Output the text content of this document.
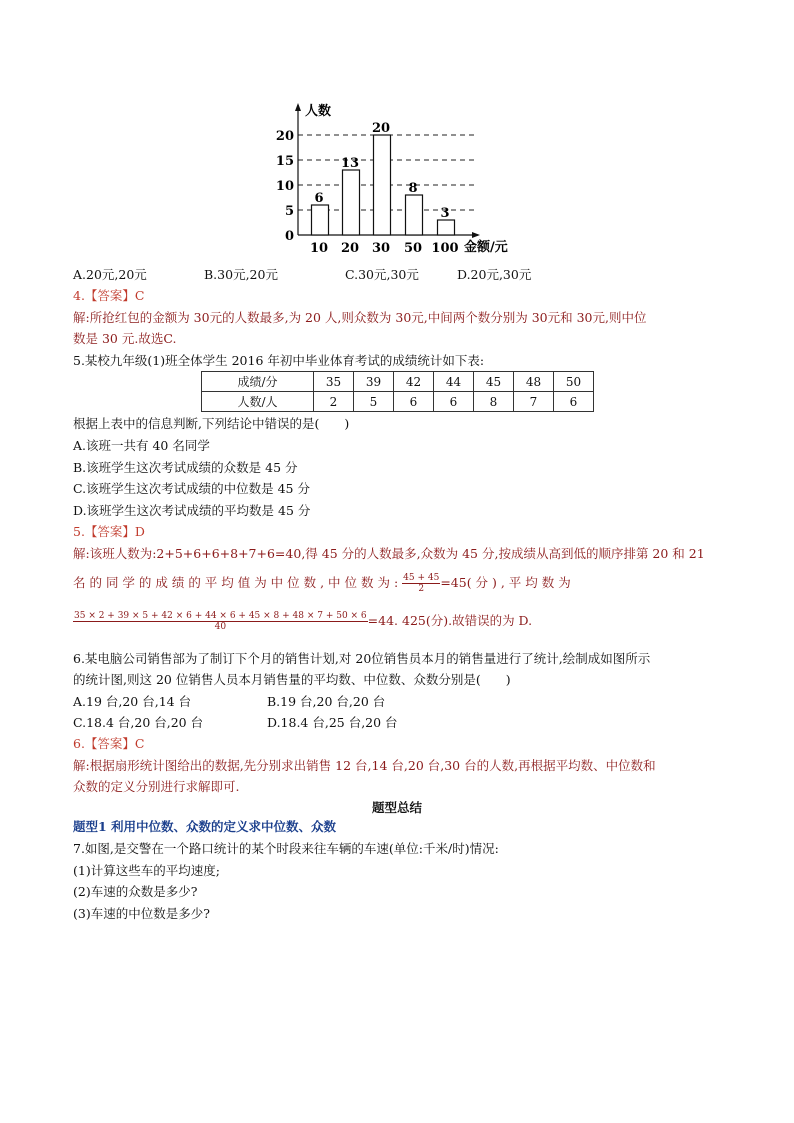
0
5
10
15
20
人数
金额/元
6
10
13
20
20
30
8
50
3
100
A.20元,20元	B.30元,20元	C.30元,30元	D.20元,30元
4.【答案】C
解:所抢红包的金额为 30元的人数最多,为 20 人,则众数为 30元,中间两个数分别为 30元和 30元,则中位
数是 30 元.故选C.
5.某校九年级(1)班全体学生 2016 年初中毕业体育考试的成绩统计如下表:
成绩/分	35	39	42	44	45	48	50
人数/人	2	5	6	6	8	7	6
根据上表中的信息判断,下列结论中错误的是(　　)
A.该班一共有 40 名同学
B.该班学生这次考试成绩的众数是 45 分
C.该班学生这次考试成绩的中位数是 45 分
D.该班学生这次考试成绩的平均数是 45 分
5.【答案】D
解:该班人数为:2+5+6+6+8+7+6=40,得 45 分的人数最多,众数为 45 分,按成绩从高到低的顺序排第 20 和 21
名 的 同 学 的 成 绩 的 平 均 值 为 中 位 数 , 中 位 数 为 : $\frac{45 + 45}{2} =45$( 分 ) , 平 均 数 为
$\frac{35 \times 2 + 39 \times 5 + 42 \times 6 + 44 \times 6 + 45 \times 8 + 48 \times 7 + 50 \times 6}{40} =44$. 425(分).故错误的为 D.
6.某电脑公司销售部为了制订下个月的销售计划,对 20位销售员本月的销售量进行了统计,绘制成如图所示
的统计图,则这 20 位销售人员本月销售量的平均数、中位数、众数分别是(　　)
A.19 台,20 台,14 台	B.19 台,20 台,20 台
C.18.4 台,20 台,20 台	D.18.4 台,25 台,20 台
6.【答案】C
解:根据扇形统计图给出的数据,先分别求出销售 12 台,14 台,20 台,30 台的人数,再根据平均数、中位数和
众数的定义分别进行求解即可.
题型总结
题型1 利用中位数、众数的定义求中位数、众数
7.如图,是交警在一个路口统计的某个时段来往车辆的车速(单位:千米/时)情况:
(1)计算这些车的平均速度;
(2)车速的众数是多少?
(3)车速的中位数是多少?
